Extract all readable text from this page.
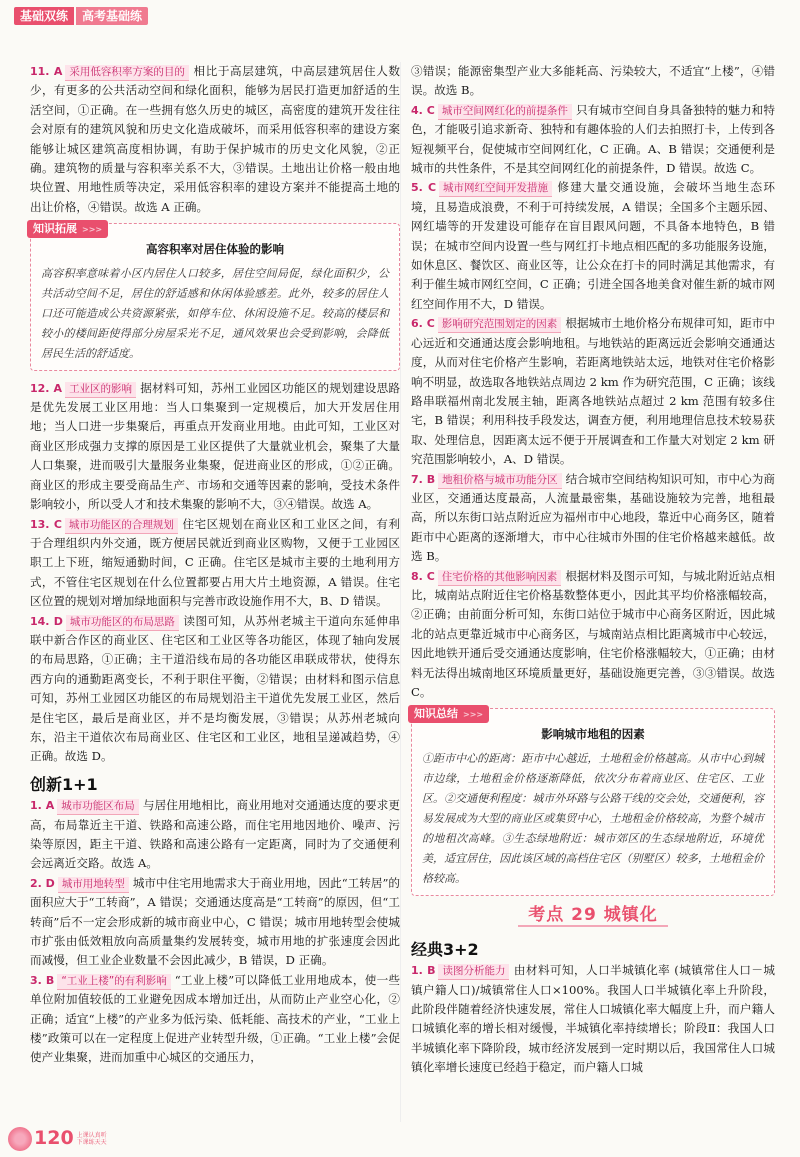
基础双练	高考基础练

11. A 采用低容积率方案的目的 相比于高层建筑，中高层建筑居住人数少，有更多的公共活动空间和绿化面积，能够为居民打造更加舒适的生活空间，①正确。在一些拥有悠久历史的城区，高密度的建筑开发往往会对原有的建筑风貌和历史文化造成破坏，而采用低容积率的建设方案能够让城区建筑高度相协调，有助于保护城市的历史文化风貌，②正确。建筑物的质量与容积率关系不大，③错误。土地出让价格一般由地块位置、用地性质等决定，采用低容积率的建设方案并不能提高土地的出让价格，④错误。故选 A 正确。

知识拓展 >>>
高容积率对居住体验的影响
高容积率意味着小区内居住人口较多，居住空间局促，绿化面积少，公共活动空间不足，居住的舒适感和休闲体验感差。此外，较多的居住人口还可能造成公共资源紧张，如停车位、休闲设施不足。较高的楼层和较小的楼间距使得部分房屋采光不足，通风效果也会受到影响，会降低居民生活的舒适度。

12. A 工业区的影响 据材料可知，苏州工业园区功能区的规划建设思路是优先发展工业区用地：当人口集聚到一定规模后，加大开发居住用地；当人口进一步集聚后，再重点开发商业用地。由此可知，工业区对商业区形成强力支撑的原因是工业区提供了大量就业机会，聚集了大量人口集聚，进而吸引大量服务业集聚，促进商业区的形成，①②正确。商业区的形成主要受商品生产、市场和交通等因素的影响，受技术条件影响较小，所以受人才和技术集聚的影响不大，③④错误。故选 A。

13. C 城市功能区的合理规划 住宅区规划在商业区和工业区之间，有利于合理组织内外交通，既方便居民就近到商业区购物，又便于工业园区职工上下班，缩短通勤时间，C 正确。住宅区是城市主要的土地利用方式，不管住宅区规划在什么位置都要占用大片土地资源，A 错误。住宅区位置的规划对增加绿地面积与完善市政设施作用不大，B、D 错误。

14. D 城市功能区的布局思路 读图可知，从苏州老城主干道向东延伸串联中新合作区的商业区、住宅区和工业区等各功能区，体现了轴向发展的布局思路，①正确；主干道沿线布局的各功能区串联成带状，使得东西方向的通勤距离变长，不利于职住平衡，②错误；由材料和图示信息可知，苏州工业园区功能区的布局规划沿主干道优先发展工业区，然后是住宅区，最后是商业区，并不是均衡发展，③错误；从苏州老城向东，沿主干道依次布局商业区、住宅区和工业区，地租呈递减趋势，④正确。故选 D。

创新1+1

1. A 城市功能区布局 与居住用地相比，商业用地对交通通达度的要求更高，布局靠近主干道、铁路和高速公路，而住宅用地因地价、噪声、污染等原因，距主干道、铁路和高速公路有一定距离，同时为了交通便利会远离近交路。故选 A。

2. D 城市用地转型 城市中住宅用地需求大于商业用地，因此“工转居”的面积应大于“工转商”，A 错误；交通通达度高是“工转商”的原因，但“工转商”后不一定会形成新的城市商业中心，C 错误；城市用地转型会使城市扩张由低效粗放向高质量集约发展转变，城市用地的扩张速度会因此而减慢，但工业企业数量不会因此减少，B 错误，D 正确。

3. B “工业上楼”的有利影响 “工业上楼”可以降低工业用地成本，使一些单位附加值较低的工业避免因成本增加迁出，从而防止产业空心化，②正确；适宜“上楼”的产业多为低污染、低耗能、高技术的产业，“工业上楼”政策可以在一定程度上促进产业转型升级，①正确。“工业上楼”会促使产业集聚，进而加重中心城区的交通压力，

③错误；能源密集型产业大多能耗高、污染较大，不适宜“上楼”，④错误。故选 B。

4. C 城市空间网红化的前提条件 只有城市空间自身具备独特的魅力和特色，才能吸引追求新奇、独特和有趣体验的人们去拍照打卡，上传到各短视频平台，促使城市空间网红化，C 正确。A、B 错误；交通便利是城市的共性条件，不是其空间网红化的前提条件，D 错误。故选 C。

5. C 城市网红空间开发措施 修建大量交通设施，会破坏当地生态环境，且易造成浪费，不利于可持续发展，A 错误；全国多个主题乐园、网红墙等的开发建设可能存在盲目跟风问题，不具备本地特色，B 错误；在城市空间内设置一些与网红打卡地点相匹配的多功能服务设施，如休息区、餐饮区、商业区等，让公众在打卡的同时满足其他需求，有利于催生城市网红空间，C 正确；引进全国各地美食对催生新的城市网红空间作用不大，D 错误。

6. C 影响研究范围划定的因素 根据城市土地价格分布规律可知，距市中心远近和交通通达度会影响地租。与地铁站的距离远近会影响交通通达度，从而对住宅价格产生影响，若距离地铁站太远，地铁对住宅价格影响不明显，故选取各地铁站点周边 2 km 作为研究范围，C 正确；该线路串联福州南北发展主轴，距离各地铁站点超过 2 km 范围有较多住宅，B 错误；利用科技手段发达，调查方便，利用地理信息技术较易获取、处理信息，因距离太远不便于开展调查和工作量大对划定 2 km 研究范围影响较小，A、D 错误。

7. B 地租价格与城市功能分区 结合城市空间结构知识可知，市中心为商业区，交通通达度最高，人流量最密集，基础设施较为完善，地租最高，所以东街口站点附近应为福州市中心地段，靠近中心商务区，随着距市中心距离的逐渐增大，市中心往城市外围的住宅价格越来越低。故选 B。

8. C 住宅价格的其他影响因素 根据材料及图示可知，与城北附近站点相比，城南站点附近住宅价格基数整体更小，因此其平均价格涨幅较高，②正确；由前面分析可知，东街口站位于城市中心商务区附近，因此城北的站点更靠近城市中心商务区，与城南站点相比距离城市中心较远，因此地铁开通后受交通通达度影响，住宅价格涨幅较大，①正确；由材料无法得出城南地区环境质量更好，基础设施更完善，③③错误。故选 C。

知识总结 >>>
影响城市地租的因素
①距市中心的距离：距市中心越近，土地租金价格越高。从市中心到城市边缘，土地租金价格逐渐降低，依次分布着商业区、住宅区、工业区。②交通便利程度：城市外环路与公路干线的交会处，交通便利，容易发展成为大型的商业区或集贸中心，土地租金价格较高，为整个城市的地租次高峰。③生态绿地附近：城市郊区的生态绿地附近，环境优美，适宜居住，因此该区域的高档住宅区（别墅区）较多，土地租金价格较高。
考点 29 城镇化
经典3+2

1. B 读图分析能力 由材料可知，人口半城镇化率 (城镇常住人口－城镇户籍人口)/城镇常住人口×100%。我国人口半城镇化率上升阶段，此阶段伴随着经济快速发展，常住人口城镇化率大幅度上升，而户籍人口城镇化率的增长相对缓慢，半城镇化率持续增长；阶段Ⅱ：我国人口半城镇化率下降阶段，城市经济发展到一定时期以后，我国常住人口城镇化率增长速度已经趋于稳定，而户籍人口城

120 上课认真听
下课练天天
